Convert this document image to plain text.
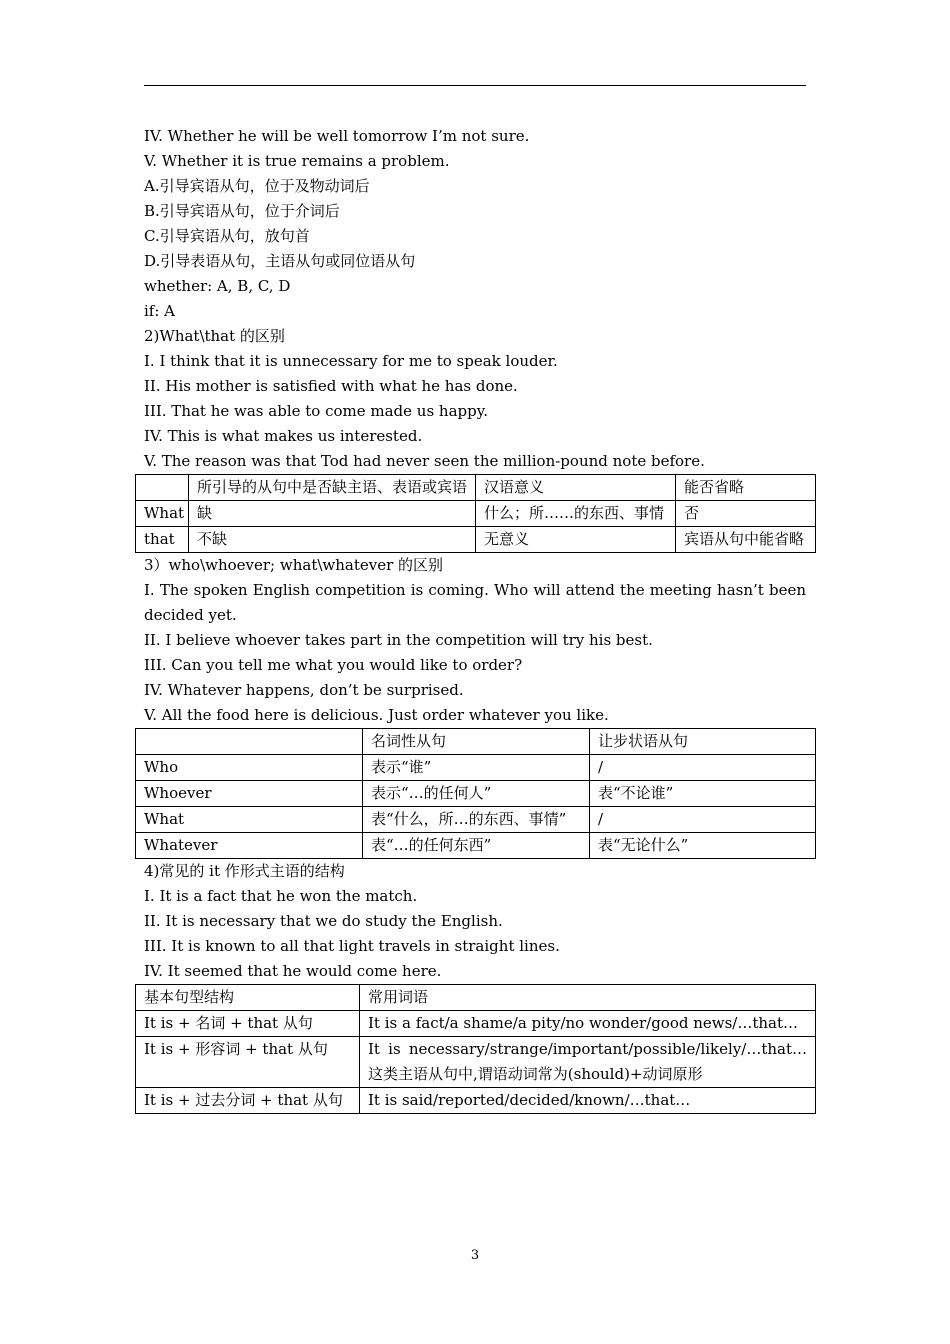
IV. Whether he will be well tomorrow I’m not sure.
V. Whether it is true remains a problem.
A.引导宾语从句，位于及物动词后
B.引导宾语从句，位于介词后
C.引导宾语从句，放句首
D.引导表语从句，主语从句或同位语从句
whether: A, B, C, D
if: A
2)What\that 的区别
I. I think that it is unnecessary for me to speak louder.
II. His mother is satisfied with what he has done.
III. That he was able to come made us happy.
IV. This is what makes us interested.
V. The reason was that Tod had never seen the million-pound note before.
	所引导的从句中是否缺主语、表语或宾语	汉语意义	能否省略
What	缺	什么；所……的东西、事情	否
that	不缺	无意义	宾语从句中能省略
3）who\whoever; what\whatever 的区别
I. The spoken English competition is coming. Who will attend the meeting hasn’t been decided yet.
II. I believe whoever takes part in the competition will try his best.
III. Can you tell me what you would like to order?
IV. Whatever happens, don’t be surprised.
V. All the food here is delicious. Just order whatever you like.
	名词性从句	让步状语从句
Who	表示“谁”	/
Whoever	表示“…的任何人”	表“不论谁”
What	表“什么，所…的东西、事情”	/
Whatever	表“…的任何东西”	表“无论什么”
4)常见的 it 作形式主语的结构
I. It is a fact that he won the match.
II. It is necessary that we do study the English.
III. It is known to all that light travels in straight lines.
IV. It seemed that he would come here.
基本句型结构	常用词语
It is + 名词 + that 从句	It is a fact/a shame/a pity/no wonder/good news/…that…
It is + 形容词 + that 从句	It is necessary/strange/important/possible/likely/…that…这类主语从句中,谓语动词常为(should)+动词原形
It is + 过去分词 + that 从句	It is said/reported/decided/known/…that…
3
